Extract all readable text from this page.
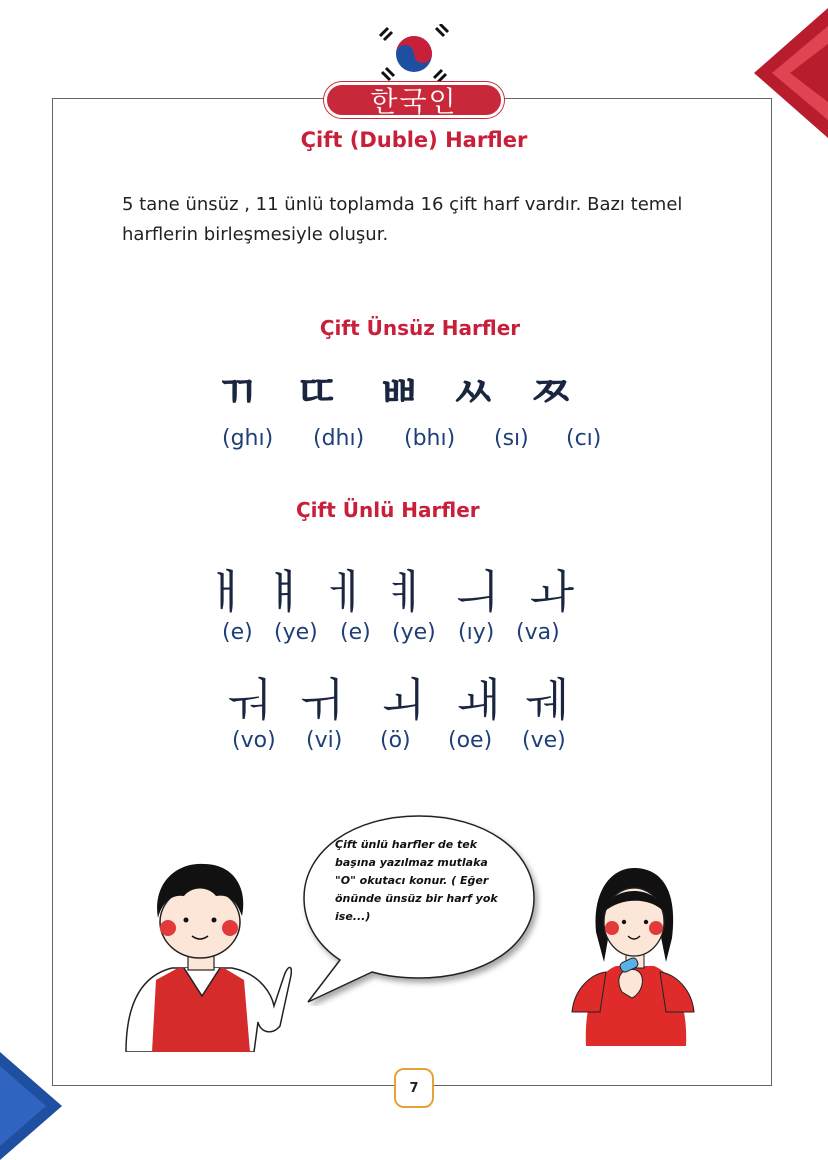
한국인
Çift (Duble) Harfler
5 tane ünsüz , 11 ünlü toplamda 16 çift harf vardır. Bazı temel harflerin birleşmesiyle oluşur.
Çift Ünsüz Harfler
ㄲ ㄸ ㅃ ㅆ ㅉ
(ghı) (dhı) (bhı) (sı) (cı)
Çift Ünlü Harfler
ㅐ ㅒ ㅔ ㅖ ㅢ ㅘ
(e) (ye) (e) (ye) (ıy) (va)
ㅝ ㅟ ㅚ ㅙ ㅞ
(vo) (vi) (ö) (oe) (ve)
Çift ünlü harfler de tek başına yazılmaz mutlaka "O" okutacı konur. ( Eğer önünde ünsüz bir harf yok ise...)
7
